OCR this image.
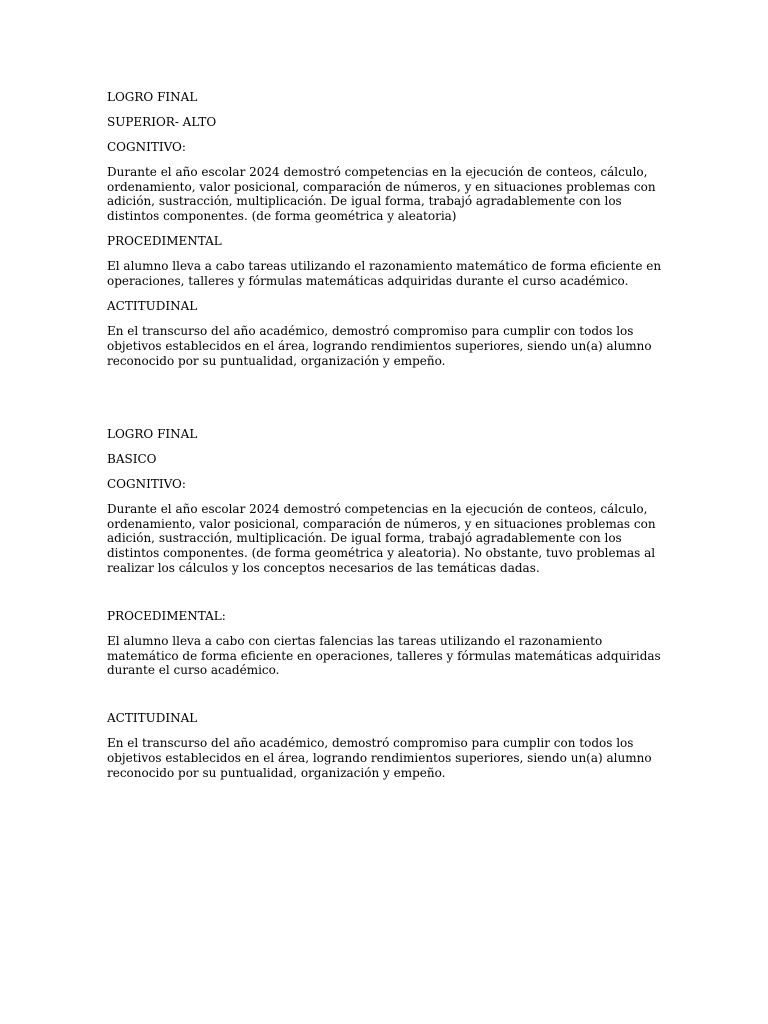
LOGRO FINAL

SUPERIOR- ALTO

COGNITIVO:

Durante el año escolar 2024 demostró competencias en la ejecución de conteos, cálculo, ordenamiento, valor posicional, comparación de números, y en situaciones problemas con adición, sustracción, multiplicación. De igual forma, trabajó agradablemente con los distintos componentes. (de forma geométrica y aleatoria)

PROCEDIMENTAL

El alumno lleva a cabo tareas utilizando el razonamiento matemático de forma eficiente en operaciones, talleres y fórmulas matemáticas adquiridas durante el curso académico.

ACTITUDINAL

En el transcurso del año académico, demostró compromiso para cumplir con todos los objetivos establecidos en el área, logrando rendimientos superiores, siendo un(a) alumno reconocido por su puntualidad, organización y empeño.

LOGRO FINAL

BASICO

COGNITIVO:

Durante el año escolar 2024 demostró competencias en la ejecución de conteos, cálculo, ordenamiento, valor posicional, comparación de números, y en situaciones problemas con adición, sustracción, multiplicación. De igual forma, trabajó agradablemente con los distintos componentes. (de forma geométrica y aleatoria). No obstante, tuvo problemas al realizar los cálculos y los conceptos necesarios de las temáticas dadas.

PROCEDIMENTAL:

El alumno lleva a cabo con ciertas falencias las tareas utilizando el razonamiento matemático de forma eficiente en operaciones, talleres y fórmulas matemáticas adquiridas durante el curso académico.

ACTITUDINAL

En el transcurso del año académico, demostró compromiso para cumplir con todos los objetivos establecidos en el área, logrando rendimientos superiores, siendo un(a) alumno reconocido por su puntualidad, organización y empeño.
